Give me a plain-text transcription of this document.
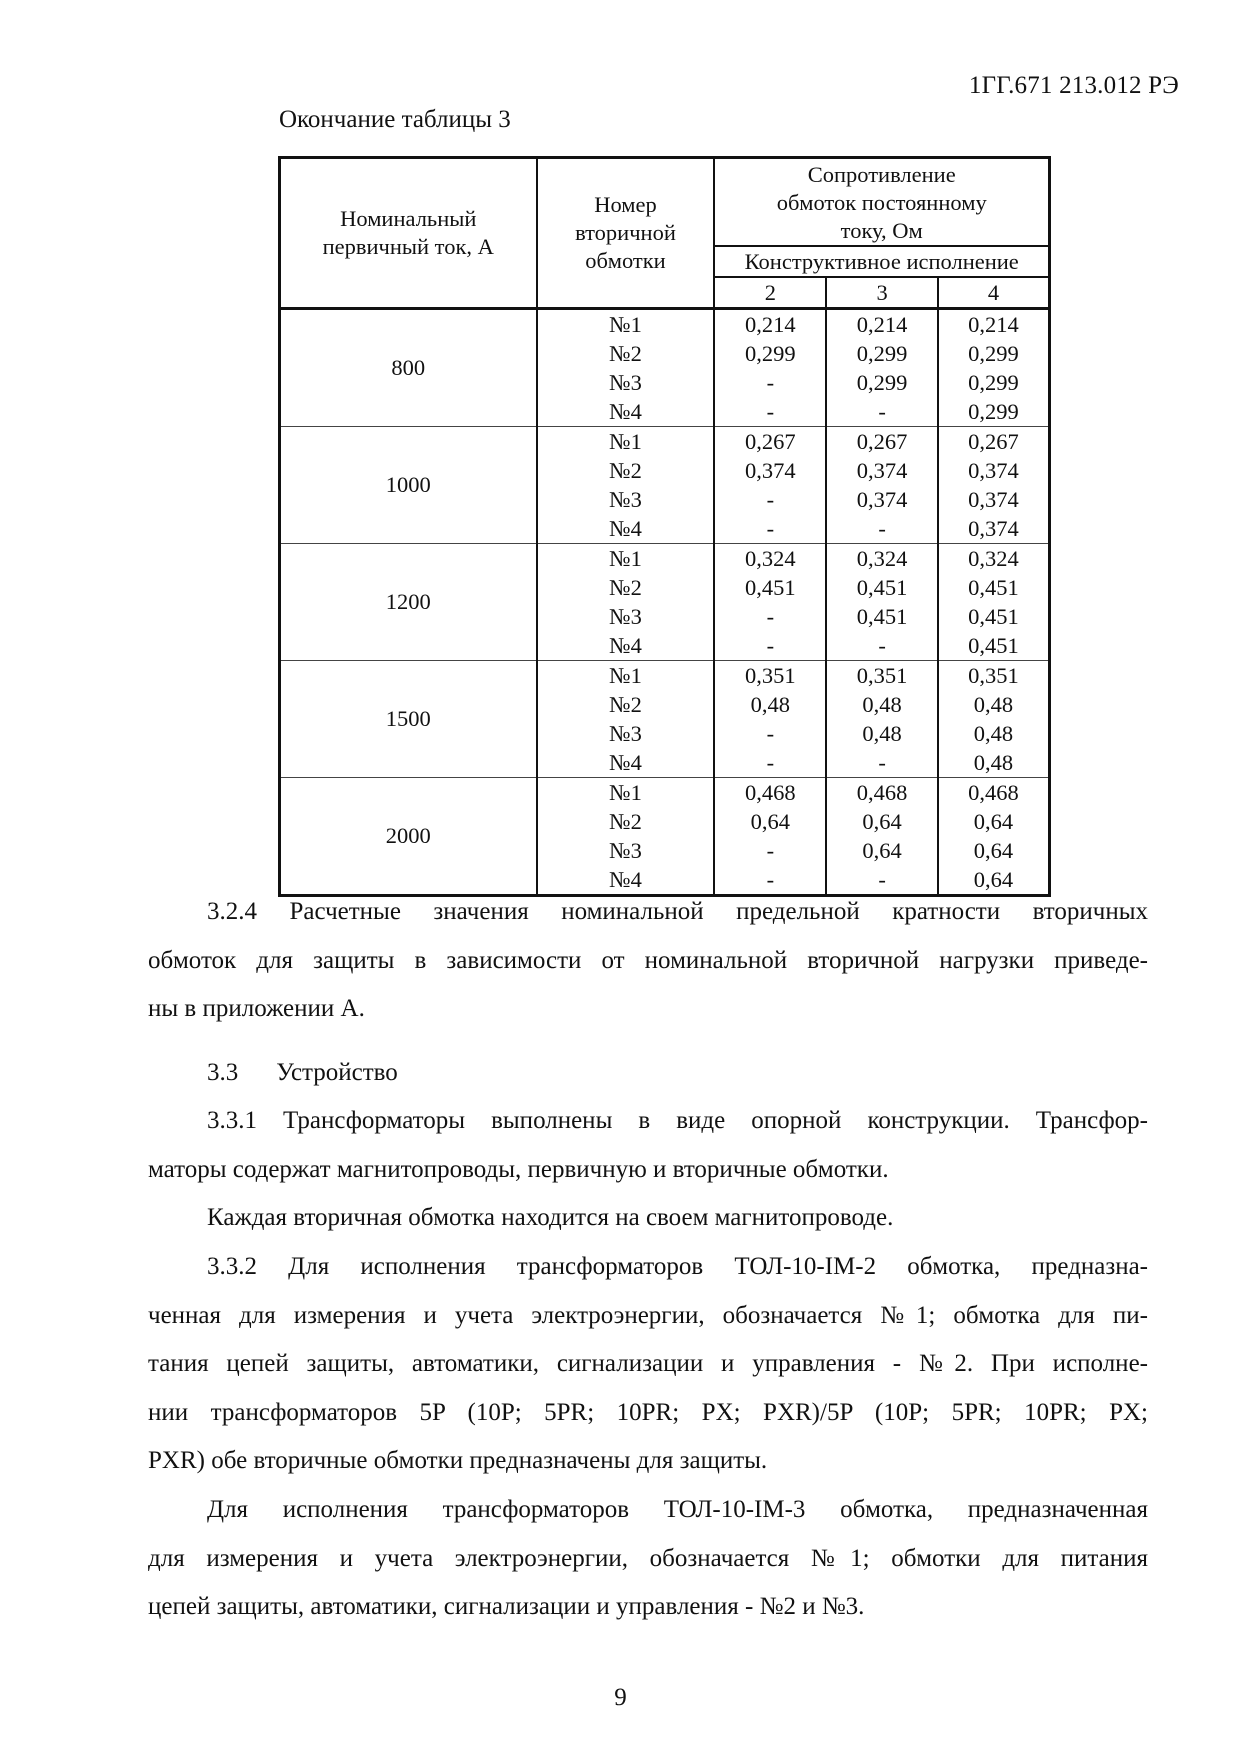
1ГГ.671 213.012 РЭ
Окончание таблицы 3
Номинальный первичный ток, А	Номер вторичной обмотки	Сопротивление обмоток постоянному току, Ом		
		Конструктивное исполнение		
		2	3	4
800	№1	0,214	0,214	0,214
	№2	0,299	0,299	0,299
	№3	-	0,299	0,299
	№4	-	-	0,299
1000	№1	0,267	0,267	0,267
	№2	0,374	0,374	0,374
	№3	-	0,374	0,374
	№4	-	-	0,374
1200	№1	0,324	0,324	0,324
	№2	0,451	0,451	0,451
	№3	-	0,451	0,451
	№4	-	-	0,451
1500	№1	0,351	0,351	0,351
	№2	0,48	0,48	0,48
	№3	-	0,48	0,48
	№4	-	-	0,48
2000	№1	0,468	0,468	0,468
	№2	0,64	0,64	0,64
	№3	-	0,64	0,64
	№4	-	-	0,64
3.2.4 Расчетные значения номинальной предельной кратности вторичных
обмоток для защиты в зависимости от номинальной вторичной нагрузки приведе-
ны в приложении А.
3.3 Устройство
3.3.1 Трансформаторы выполнены в виде опорной конструкции. Трансфор-
маторы содержат магнитопроводы, первичную и вторичные обмотки.
Каждая вторичная обмотка находится на своем магнитопроводе.
3.3.2 Для исполнения трансформаторов ТОЛ-10-IM-2 обмотка, предназна-
ченная для измерения и учета электроэнергии, обозначается №1; обмотка для пи-
тания цепей защиты, автоматики, сигнализации и управления - №2. При исполне-
нии трансформаторов 5P (10P; 5PR; 10PR; PX; PXR)/5P (10P; 5PR; 10PR; PX;
PXR) обе вторичные обмотки предназначены для защиты.
Для исполнения трансформаторов ТОЛ-10-IM-3 обмотка, предназначенная
для измерения и учета электроэнергии, обозначается №1; обмотки для питания
цепей защиты, автоматики, сигнализации и управления - №2 и №3.
9
